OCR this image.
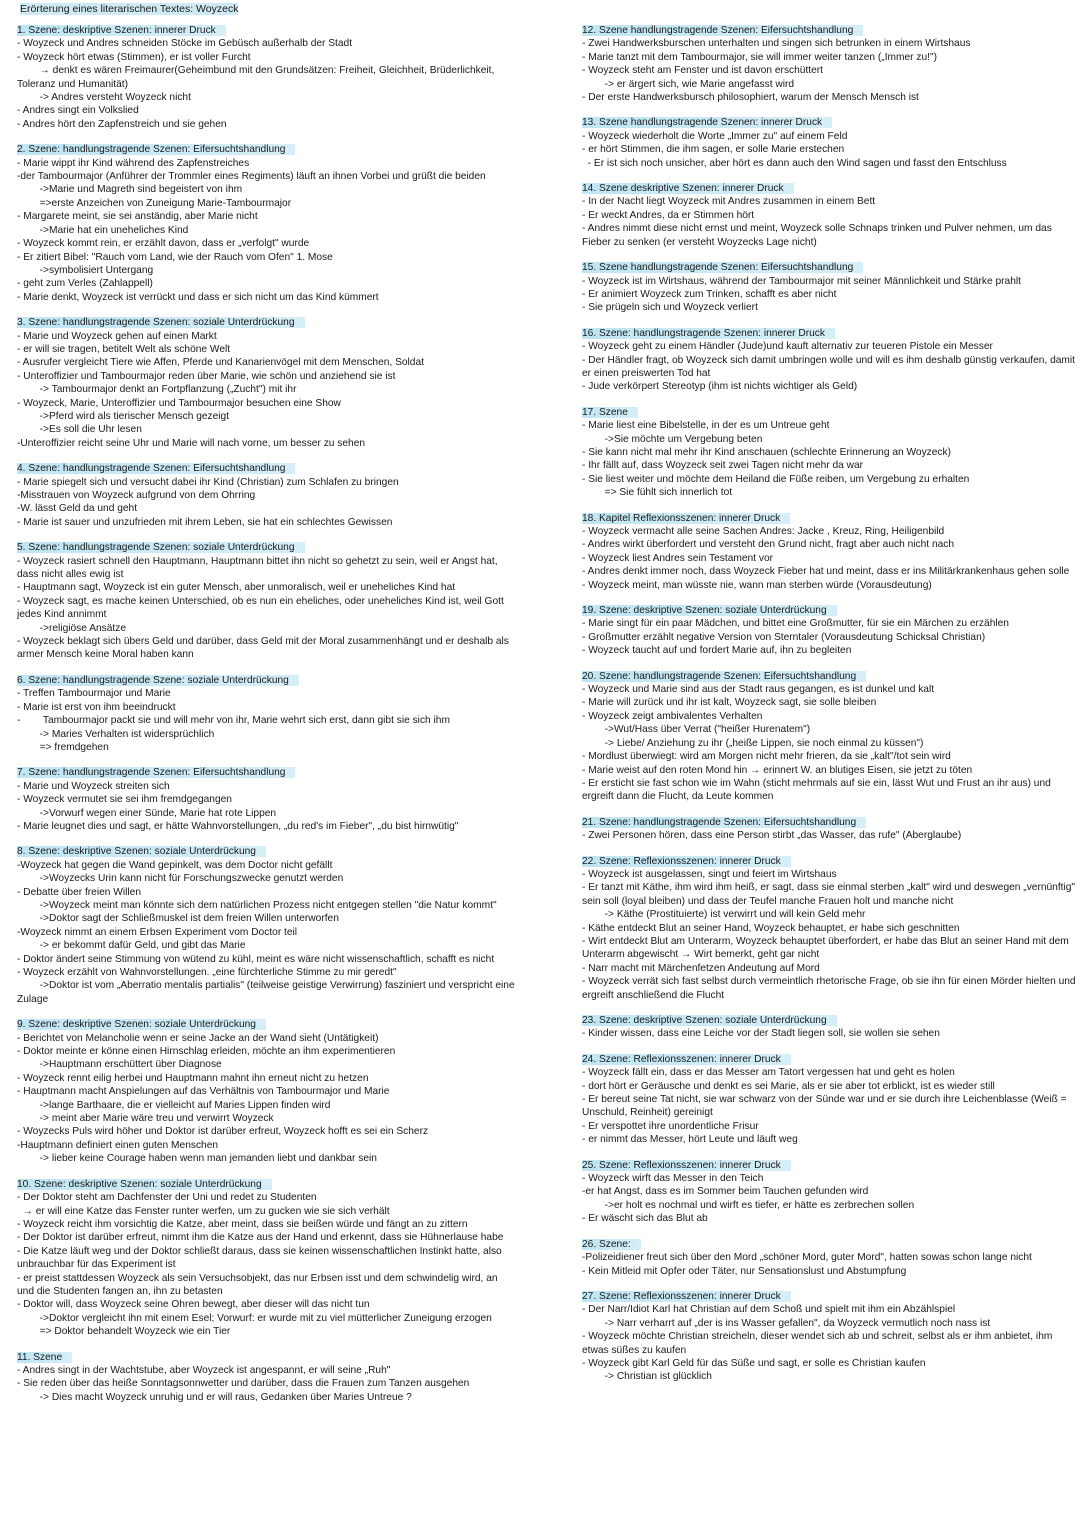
Erörterung eines literarischen Textes: Woyzeck
1. Szene: deskriptive Szenen: innerer Druck
- Woyzeck und Andres schneiden Stöcke im Gebüsch außerhalb der Stadt
- Woyzeck hört etwas (Stimmen), er ist voller Furcht
→ denkt es wären Freimaurer(Geheimbund mit den Grundsätzen: Freiheit, Gleichheit, Brüderlichkeit, Toleranz und Humanität)
-> Andres versteht Woyzeck nicht
- Andres singt ein Volkslied
- Andres hört den Zapfenstreich und sie gehen
2. Szene: handlungstragende Szenen: Eifersuchtshandlung
- Marie wippt ihr Kind während des Zapfenstreiches
-der Tambourmajor (Anführer der Trommler eines Regiments) läuft an ihnen Vorbei und grüßt die beiden
->Marie und Magreth sind begeistert von ihm
=>erste Anzeichen von Zuneigung Marie-Tambourmajor
- Margarete meint, sie sei anständig, aber Marie nicht
->Marie hat ein uneheliches Kind
- Woyzeck kommt rein, er erzählt davon, dass er „verfolgt" wurde
- Er zitiert Bibel: "Rauch vom Land, wie der Rauch vom Ofen" 1. Mose
->symbolisiert Untergang
- geht zum Verles (Zahlappell)
- Marie denkt, Woyzeck ist verrückt und dass er sich nicht um das Kind kümmert
3. Szene: handlungstragende Szenen: soziale Unterdrückung
- Marie und Woyzeck gehen auf einen Markt
- er will sie tragen, betitelt Welt als schöne Welt
- Ausrufer vergleicht Tiere wie Affen, Pferde und Kanarienvögel mit dem Menschen, Soldat
- Unteroffizier und Tambourmajor reden über Marie, wie schön und anziehend sie ist
-> Tambourmajor denkt an Fortpflanzung („Zucht") mit ihr
- Woyzeck, Marie, Unteroffizier und Tambourmajor besuchen eine Show
->Pferd wird als tierischer Mensch gezeigt
->Es soll die Uhr lesen
-Unteroffizier reicht seine Uhr und Marie will nach vorne, um besser zu sehen
4. Szene: handlungstragende Szenen: Eifersuchtshandlung
- Marie spiegelt sich und versucht dabei ihr Kind (Christian) zum Schlafen zu bringen
-Misstrauen von Woyzeck aufgrund von dem Ohrring
-W. lässt Geld da und geht
- Marie ist sauer und unzufrieden mit ihrem Leben, sie hat ein schlechtes Gewissen
5. Szene: handlungstragende Szenen: soziale Unterdrückung
- Woyzeck rasiert schnell den Hauptmann, Hauptmann bittet ihn nicht so gehetzt zu sein, weil er Angst hat, dass nicht alles ewig ist
- Hauptmann sagt, Woyzeck ist ein guter Mensch, aber unmoralisch, weil er uneheliches Kind hat
- Woyzeck sagt, es mache keinen Unterschied, ob es nun ein eheliches, oder uneheliches Kind ist, weil Gott jedes Kind annimmt
->religiöse Ansätze
- Woyzeck beklagt sich übers Geld und darüber, dass Geld mit der Moral zusammenhängt und er deshalb als armer Mensch keine Moral haben kann
6. Szene: handlungstragende Szene: soziale Unterdrückung
- Treffen Tambourmajor und Marie
- Marie ist erst von ihm beeindruckt
-        Tambourmajor packt sie und will mehr von ihr, Marie wehrt sich erst, dann gibt sie sich ihm
-> Maries Verhalten ist widersprüchlich
=> fremdgehen
7. Szene: handlungstragende Szenen: Eifersuchtshandlung
- Marie und Woyzeck streiten sich
- Woyzeck vermutet sie sei ihm fremdgegangen
->Vorwurf wegen einer Sünde, Marie hat rote Lippen
- Marie leugnet dies und sagt, er hätte Wahnvorstellungen, „du red's im Fieber", „du bist hirnwütig"
8. Szene: deskriptive Szenen: soziale Unterdrückung
-Woyzeck hat gegen die Wand gepinkelt, was dem Doctor nicht gefällt
->Woyzecks Urin kann nicht für Forschungszwecke genutzt werden
- Debatte über freien Willen
->Woyzeck meint man könnte sich dem natürlichen Prozess nicht entgegen stellen "die Natur kommt"
->Doktor sagt der Schließmuskel ist dem freien Willen unterworfen
-Woyzeck nimmt an einem Erbsen Experiment vom Doctor teil
-> er bekommt dafür Geld, und gibt das Marie
- Doktor ändert seine Stimmung von wütend zu kühl, meint es wäre nicht wissenschaftlich, schafft es nicht
- Woyzeck erzählt von Wahnvorstellungen. „eine fürchterliche Stimme zu mir geredt"
->Doktor ist vom „Aberratio mentalis partialis" (teilweise geistige Verwirrung) fasziniert und verspricht eine Zulage
9. Szene: deskriptive Szenen: soziale Unterdrückung
- Berichtet von Melancholie wenn er seine Jacke an der Wand sieht (Untätigkeit)
- Doktor meinte er könne einen Hirnschlag erleiden, möchte an ihm experimentieren
->Hauptmann erschüttert über Diagnose
- Woyzeck rennt eilig herbei und Hauptmann mahnt ihn erneut nicht zu hetzen
- Hauptmann macht Anspielungen auf das Verhältnis von Tambourmajor und Marie
->lange Barthaare, die er vielleicht auf Maries Lippen finden wird
-> meint aber Marie wäre treu und verwirrt Woyzeck
- Woyzecks Puls wird höher und Doktor ist darüber erfreut, Woyzeck hofft es sei ein Scherz
-Hauptmann definiert einen guten Menschen
-> lieber keine Courage haben wenn man jemanden liebt und dankbar sein
10. Szene: deskriptive Szenen: soziale Unterdrückung
- Der Doktor steht am Dachfenster der Uni und redet zu Studenten
→ er will eine Katze das Fenster runter werfen, um zu gucken wie sie sich verhält
- Woyzeck reicht ihm vorsichtig die Katze, aber meint, dass sie beißen würde und fängt an zu zittern
- Der Doktor ist darüber erfreut, nimmt ihm die Katze aus der Hand und erkennt, dass sie Hühnerlause habe
- Die Katze läuft weg und der Doktor schließt daraus, dass sie keinen wissenschaftlichen Instinkt hatte, also unbrauchbar für das Experiment ist
- er preist stattdessen Woyzeck als sein Versuchsobjekt, das nur Erbsen isst und dem schwindelig wird, an und die Studenten fangen an, ihn zu betasten
- Doktor will, dass Woyzeck seine Ohren bewegt, aber dieser will das nicht tun
->Doktor vergleicht ihn mit einem Esel; Vorwurf: er wurde mit zu viel mütterlicher Zuneigung erzogen
=> Doktor behandelt Woyzeck wie ein Tier
11. Szene
- Andres singt in der Wachtstube, aber Woyzeck ist angespannt, er will seine „Ruh"
- Sie reden über das heiße Sonntagsonnwetter und darüber, dass die Frauen zum Tanzen ausgehen
-> Dies macht Woyzeck unruhig und er will raus, Gedanken über Maries Untreue ?
12. Szene handlungstragende Szenen: Eifersuchtshandlung
- Zwei Handwerksburschen unterhalten und singen sich betrunken in einem Wirtshaus
- Marie tanzt mit dem Tambourmajor, sie will immer weiter tanzen („Immer zu!")
- Woyzeck steht am Fenster und ist davon erschüttert
-> er ärgert sich, wie Marie angefasst wird
- Der erste Handwerksbursch philosophiert, warum der Mensch Mensch ist
13. Szene handlungstragende Szenen: innerer Druck
- Woyzeck wiederholt die Worte „Immer zu" auf einem Feld
- er hört Stimmen, die ihm sagen, er solle Marie erstechen
- Er ist sich noch unsicher, aber hört es dann auch den Wind sagen und fasst den Entschluss
14. Szene deskriptive Szenen: innerer Druck
- In der Nacht liegt Woyzeck mit Andres zusammen in einem Bett
- Er weckt Andres, da er Stimmen hört
- Andres nimmt diese nicht ernst und meint, Woyzeck solle Schnaps trinken und Pulver nehmen, um das Fieber zu senken (er versteht Woyzecks Lage nicht)
15. Szene handlungstragende Szenen: Eifersuchtshandlung
- Woyzeck ist im Wirtshaus, während der Tambourmajor mit seiner Männlichkeit und Stärke prahlt
- Er animiert Woyzeck zum Trinken, schafft es aber nicht
- Sie prügeln sich und Woyzeck verliert
16. Szene: handlungstragende Szenen: innerer Druck
- Woyzeck geht zu einem Händler (Jude)und kauft alternativ zur teueren Pistole ein Messer
- Der Händler fragt, ob Woyzeck sich damit umbringen wolle und will es ihm deshalb günstig verkaufen, damit er einen preiswerten Tod hat
- Jude verkörpert Stereotyp (ihm ist nichts wichtiger als Geld)
17. Szene
- Marie liest eine Bibelstelle, in der es um Untreue geht
->Sie möchte um Vergebung beten
- Sie kann nicht mal mehr ihr Kind anschauen (schlechte Erinnerung an Woyzeck)
- Ihr fällt auf, dass Woyzeck seit zwei Tagen nicht mehr da war
- Sie liest weiter und möchte dem Heiland die Füße reiben, um Vergebung zu erhalten
=> Sie fühlt sich innerlich tot
18. Kapitel Reflexionsszenen: innerer Druck
- Woyzeck vermacht alle seine Sachen Andres: Jacke , Kreuz, Ring, Heiligenbild
- Andres wirkt überfordert und versteht den Grund nicht, fragt aber auch nicht nach
- Woyzeck liest Andres sein Testament vor
- Andres denkt immer noch, dass Woyzeck Fieber hat und meint, dass er ins Militärkrankenhaus gehen solle
- Woyzeck meint, man wüsste nie, wann man sterben würde (Vorausdeutung)
19. Szene: deskriptive Szenen: soziale Unterdrückung
- Marie singt für ein paar Mädchen, und bittet eine Großmutter, für sie ein Märchen zu erzählen
- Großmutter erzählt negative Version von Sterntaler (Vorausdeutung Schicksal Christian)
- Woyzeck taucht auf und fordert Marie auf, ihn zu begleiten
20. Szene: handlungstragende Szenen: Eifersuchtshandlung
- Woyzeck und Marie sind aus der Stadt raus gegangen, es ist dunkel und kalt
- Marie will zurück und ihr ist kalt, Woyzeck sagt, sie solle bleiben
- Woyzeck zeigt ambivalentes Verhalten
->Wut/Hass über Verrat ("heißer Hurenatem")
-> Liebe/ Anziehung zu ihr („heiße Lippen, sie noch einmal zu küssen")
- Mordlust überwiegt: wird am Morgen nicht mehr frieren, da sie „kalt"/tot sein wird
- Marie weist auf den roten Mond hin → erinnert W. an blutiges Eisen, sie jetzt zu töten
- Er ersticht sie fast schon wie im Wahn (sticht mehrmals auf sie ein, lässt Wut und Frust an ihr aus) und ergreift dann die Flucht, da Leute kommen
21. Szene: handlungstragende Szenen: Eifersuchtshandlung
- Zwei Personen hören, dass eine Person stirbt „das Wasser, das rufe" (Aberglaube)
22. Szene: Reflexionsszenen: innerer Druck
- Woyzeck ist ausgelassen, singt und feiert im Wirtshaus
- Er tanzt mit Käthe, ihm wird ihm heiß, er sagt, dass sie einmal sterben „kalt" wird und deswegen „vernünftig" sein soll (loyal bleiben) und dass der Teufel manche Frauen holt und manche nicht
-> Käthe (Prostituierte) ist verwirrt und will kein Geld mehr
- Käthe entdeckt Blut an seiner Hand, Woyzeck behauptet, er habe sich geschnitten
- Wirt entdeckt Blut am Unterarm, Woyzeck behauptet überfordert, er habe das Blut an seiner Hand mit dem Unterarm abgewischt → Wirt bemerkt, geht gar nicht
- Narr macht mit Märchenfetzen Andeutung auf Mord
- Woyzeck verrät sich fast selbst durch vermeintlich rhetorische Frage, ob sie ihn für einen Mörder hielten und ergreift anschließend die Flucht
23. Szene: deskriptive Szenen: soziale Unterdrückung
- Kinder wissen, dass eine Leiche vor der Stadt liegen soll, sie wollen sie sehen
24. Szene: Reflexionsszenen: innerer Druck
- Woyzeck fällt ein, dass er das Messer am Tatort vergessen hat und geht es holen
- dort hört er Geräusche und denkt es sei Marie, als er sie aber tot erblickt, ist es wieder still
- Er bereut seine Tat nicht, sie war schwarz von der Sünde war und er sie durch ihre Leichenblasse (Weiß = Unschuld, Reinheit) gereinigt
- Er verspottet ihre unordentliche Frisur
- er nimmt das Messer, hört Leute und läuft weg
25. Szene: Reflexionsszenen: innerer Druck
- Woyzeck wirft das Messer in den Teich
-er hat Angst, dass es im Sommer beim Tauchen gefunden wird
->er holt es nochmal und wirft es tiefer, er hätte es zerbrechen sollen
- Er wäscht sich das Blut ab
26. Szene:
-Polizeidiener freut sich über den Mord „schöner Mord, guter Mord", hatten sowas schon lange nicht
- Kein Mitleid mit Opfer oder Täter, nur Sensationslust und Abstumpfung
27. Szene: Reflexionsszenen: innerer Druck
- Der Narr/Idiot Karl hat Christian auf dem Schoß und spielt mit ihm ein Abzählspiel
-> Narr verharrt auf „der is ins Wasser gefallen", da Woyzeck vermutlich noch nass ist
- Woyzeck möchte Christian streicheln, dieser wendet sich ab und schreit, selbst als er ihm anbietet, ihm etwas süßes zu kaufen
- Woyzeck gibt Karl Geld für das Süße und sagt, er solle es Christian kaufen
-> Christian ist glücklich
